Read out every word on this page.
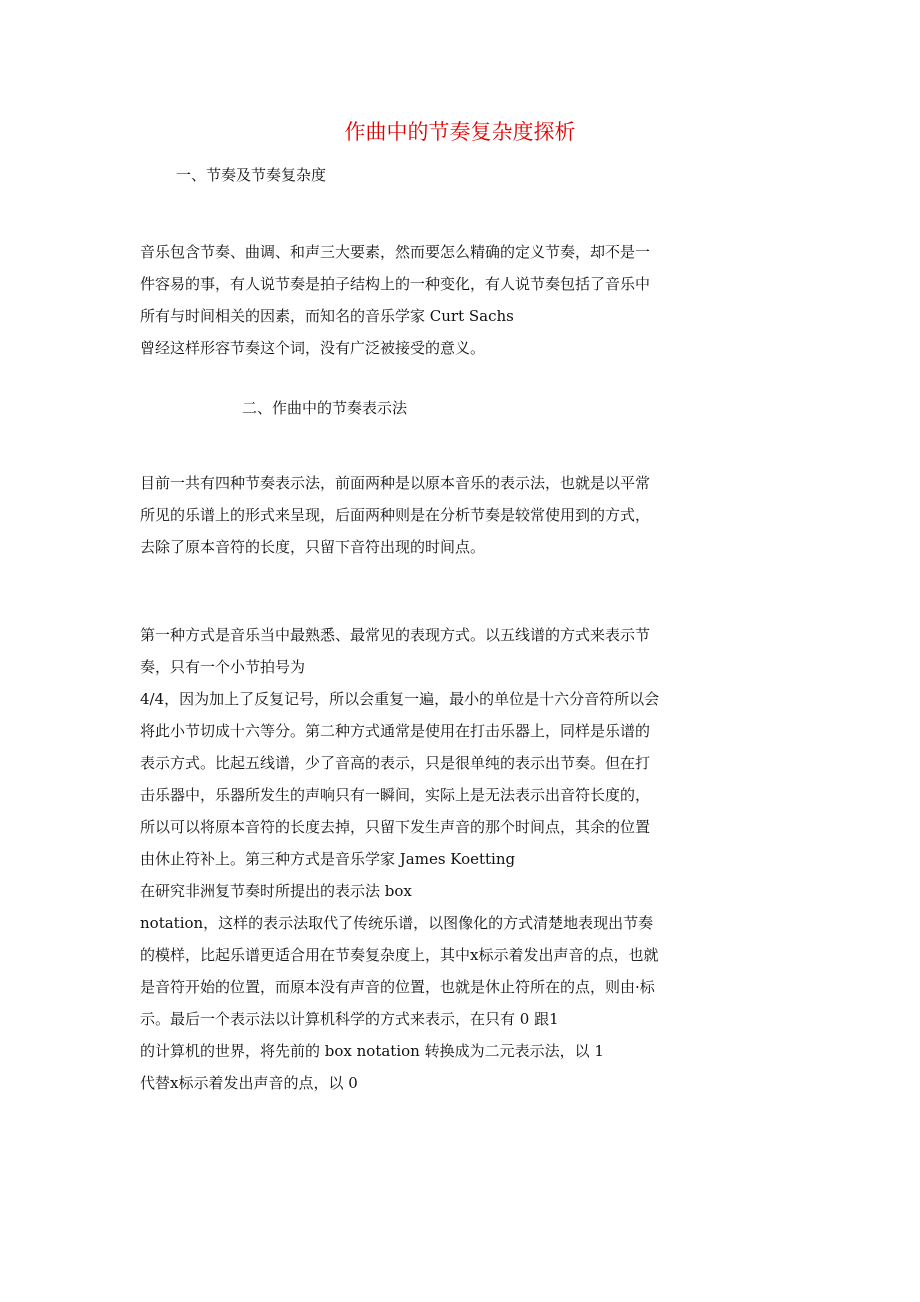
作曲中的节奏复杂度探析
一、节奏及节奏复杂度

音乐包含节奏、曲调、和声三大要素，然而要怎么精确的定义节奏，却不是一
件容易的事，有人说节奏是拍子结构上的一种变化，有人说节奏包括了音乐中
所有与时间相关的因素，而知名的音乐学家 Curt Sachs
曾经这样形容节奏这个词，没有广泛被接受的意义。

二、作曲中的节奏表示法

目前一共有四种节奏表示法，前面两种是以原本音乐的表示法，也就是以平常
所见的乐谱上的形式来呈现，后面两种则是在分析节奏是较常使用到的方式，
去除了原本音符的长度，只留下音符出现的时间点。

第一种方式是音乐当中最熟悉、最常见的表现方式。以五线谱的方式来表示节
奏，只有一个小节拍号为
4/4，因为加上了反复记号，所以会重复一遍，最小的单位是十六分音符所以会
将此小节切成十六等分。第二种方式通常是使用在打击乐器上，同样是乐谱的
表示方式。比起五线谱，少了音高的表示，只是很单纯的表示出节奏。但在打
击乐器中，乐器所发生的声响只有一瞬间，实际上是无法表示出音符长度的，
所以可以将原本音符的长度去掉，只留下发生声音的那个时间点，其余的位置
由休止符补上。第三种方式是音乐学家 James Koetting
在研究非洲复节奏时所提出的表示法 box
notation，这样的表示法取代了传统乐谱，以图像化的方式清楚地表现出节奏
的模样，比起乐谱更适合用在节奏复杂度上，其中x标示着发出声音的点，也就
是音符开始的位置，而原本没有声音的位置，也就是休止符所在的点，则由·标
示。最后一个表示法以计算机科学的方式来表示，在只有 0 跟1
的计算机的世界，将先前的 box notation 转换成为二元表示法，以 1
代替x标示着发出声音的点，以 0
